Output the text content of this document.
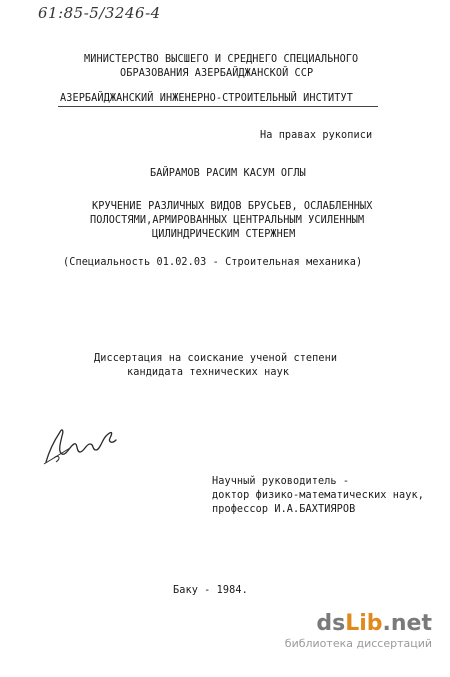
61:85-5/3246-4
МИНИСТЕРСТВО ВЫСШЕГО И СРЕДНЕГО СПЕЦИАЛЬНОГО
ОБРАЗОВАНИЯ АЗЕРБАЙДЖАНСКОЙ ССР
АЗЕРБАЙДЖАНСКИЙ ИНЖЕНЕРНО-СТРОИТЕЛЬНЫЙ ИНСТИТУТ
На правах рукописи
БАЙРАМОВ РАСИМ КАСУМ ОГЛЫ
КРУЧЕНИЕ РАЗЛИЧНЫХ ВИДОВ БРУСЬЕВ, ОСЛАБЛЕННЫХ
ПОЛОСТЯМИ,АРМИРОВАННЫХ ЦЕНТРАЛЬНЫМ УСИЛЕННЫМ
ЦИЛИНДРИЧЕСКИМ СТЕРЖНЕМ
(Специальность 01.02.03 - Строительная механика)
Диссертация на соискание ученой степени
кандидата технических наук
Научный руководитель -
доктор физико-математических наук,
профессор И.А.БАХТИЯРОВ
Баку - 1984.
dsLib.net
библиотека диссертаций
